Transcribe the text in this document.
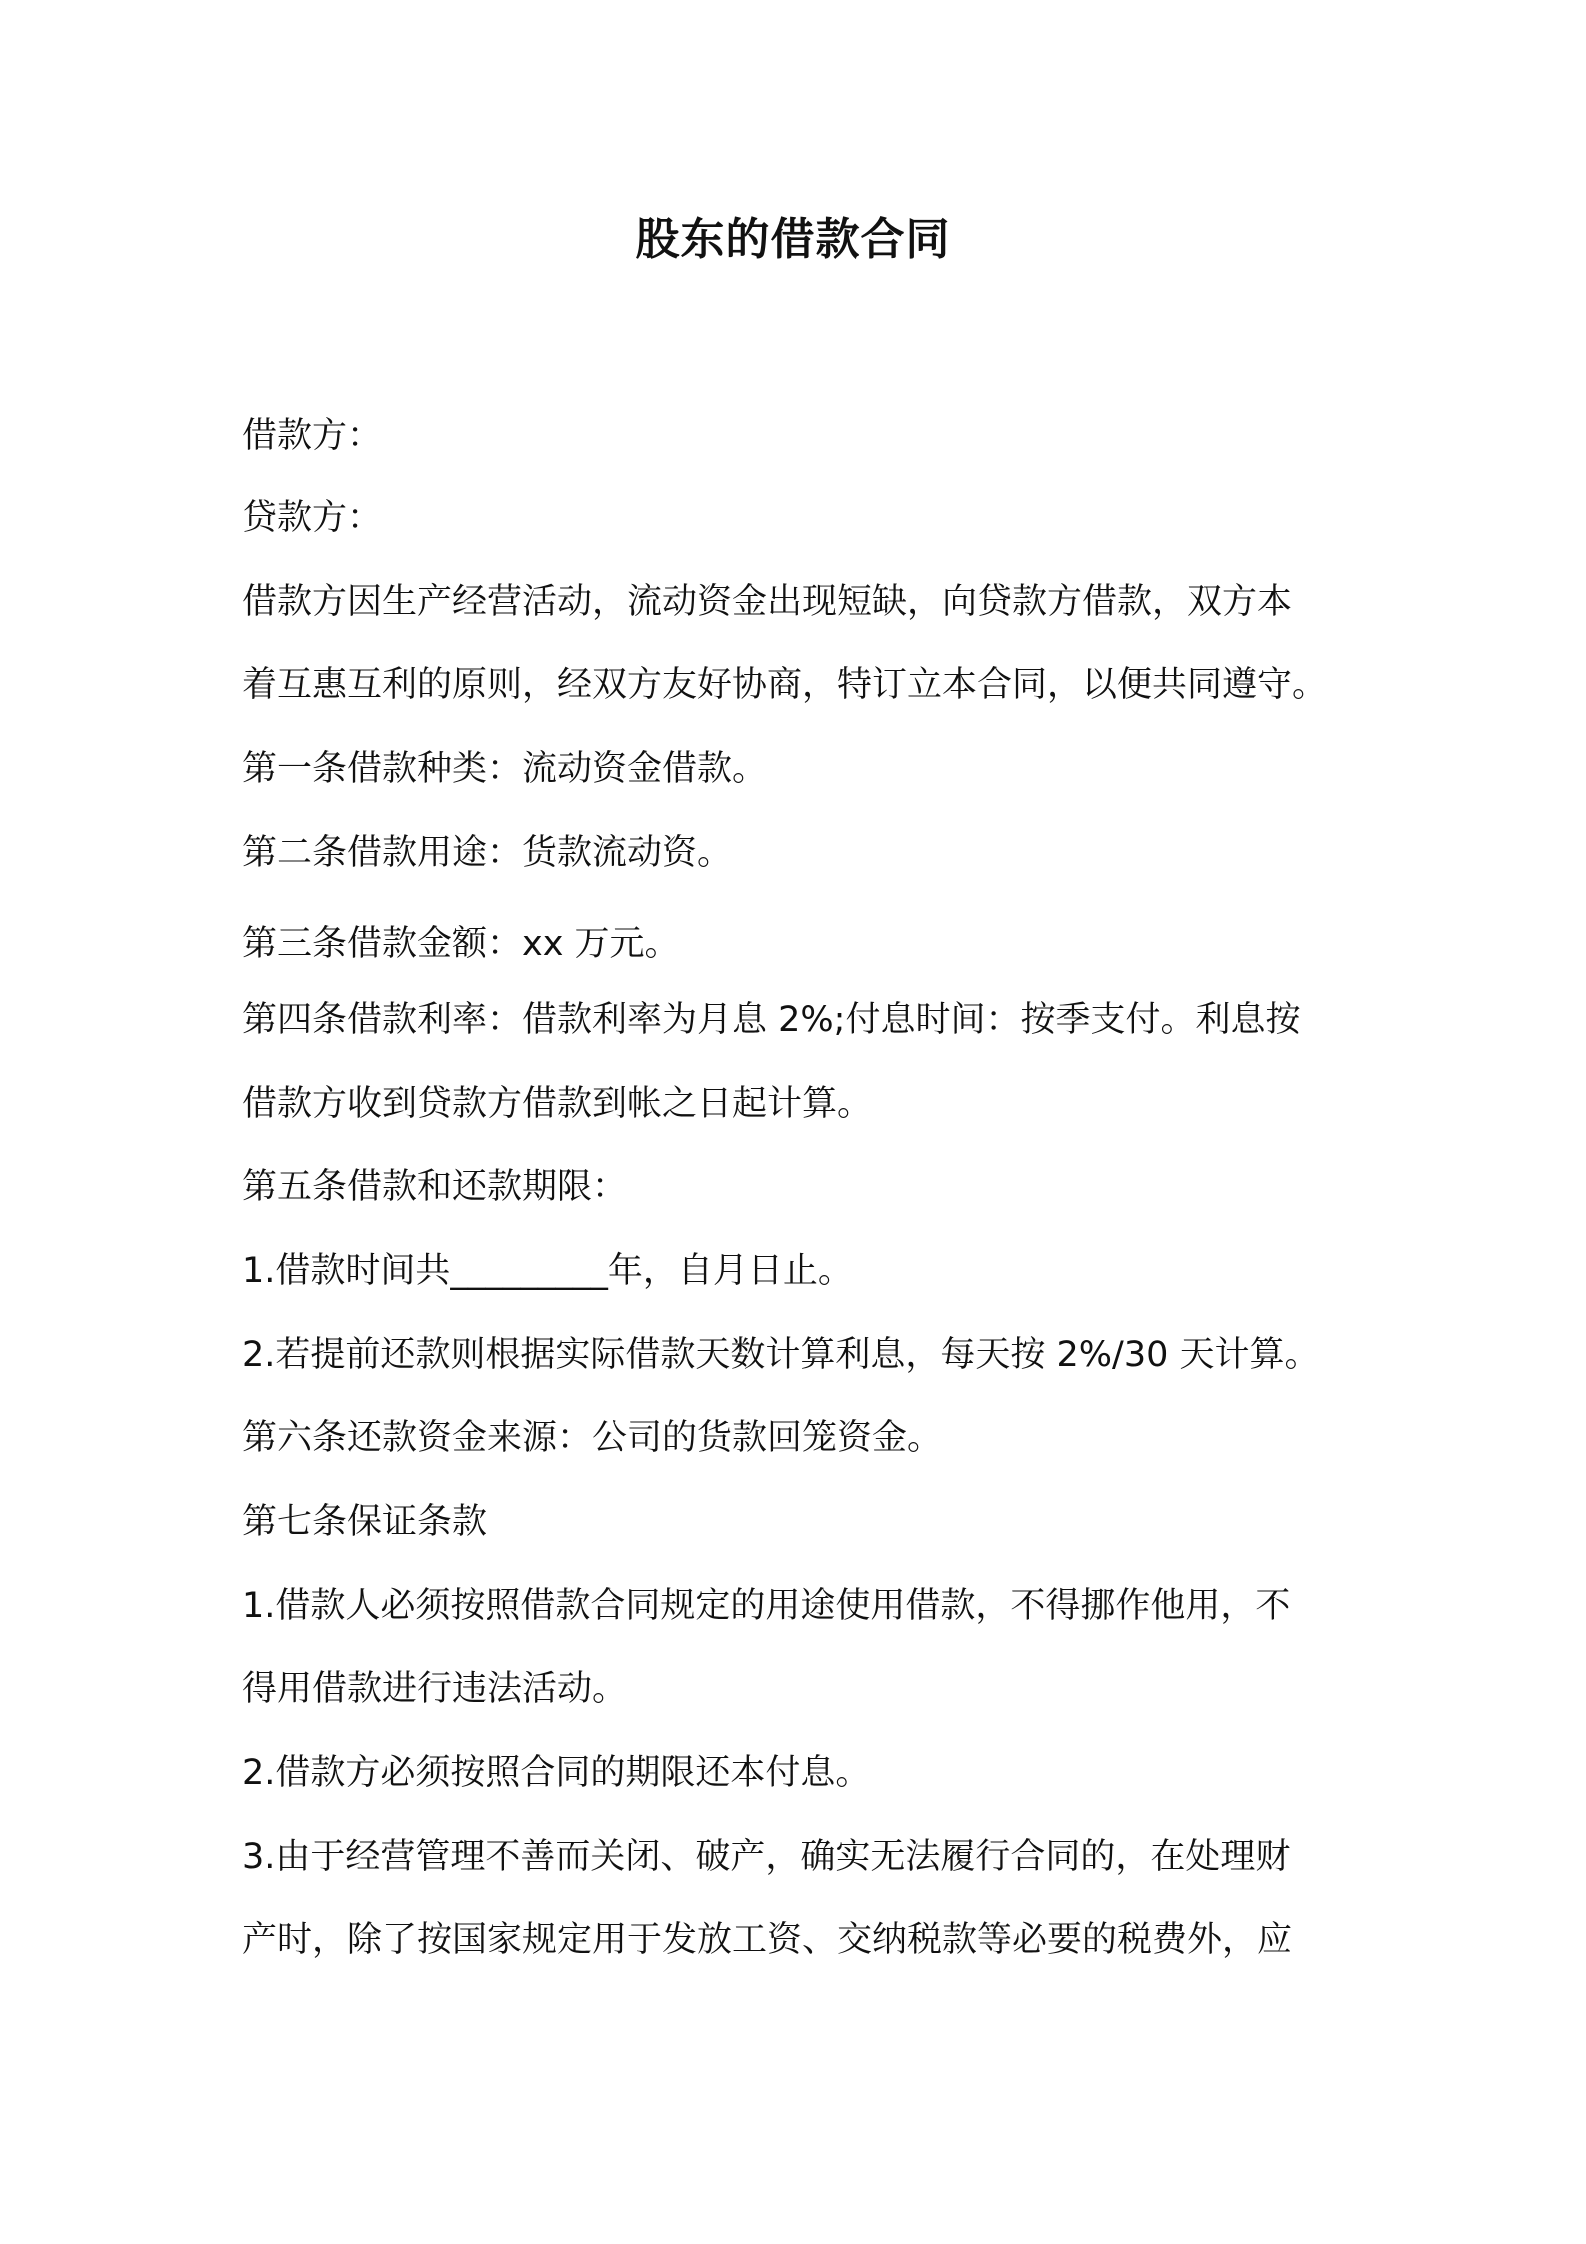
股东的借款合同
借款方：
贷款方：
借款方因生产经营活动，流动资金出现短缺，向贷款方借款，双方本
着互惠互利的原则，经双方友好协商，特订立本合同，以便共同遵守。
第一条借款种类：流动资金借款。
第二条借款用途：货款流动资。
第三条借款金额：xx 万元。
第四条借款利率：借款利率为月息 2%;付息时间：按季支付。利息按
借款方收到贷款方借款到帐之日起计算。
第五条借款和还款期限：
1.借款时间共_________年，自月日止。
2.若提前还款则根据实际借款天数计算利息，每天按 2%/30 天计算。
第六条还款资金来源：公司的货款回笼资金。
第七条保证条款
1.借款人必须按照借款合同规定的用途使用借款，不得挪作他用，不
得用借款进行违法活动。
2.借款方必须按照合同的期限还本付息。
3.由于经营管理不善而关闭、破产，确实无法履行合同的，在处理财
产时，除了按国家规定用于发放工资、交纳税款等必要的税费外，应
